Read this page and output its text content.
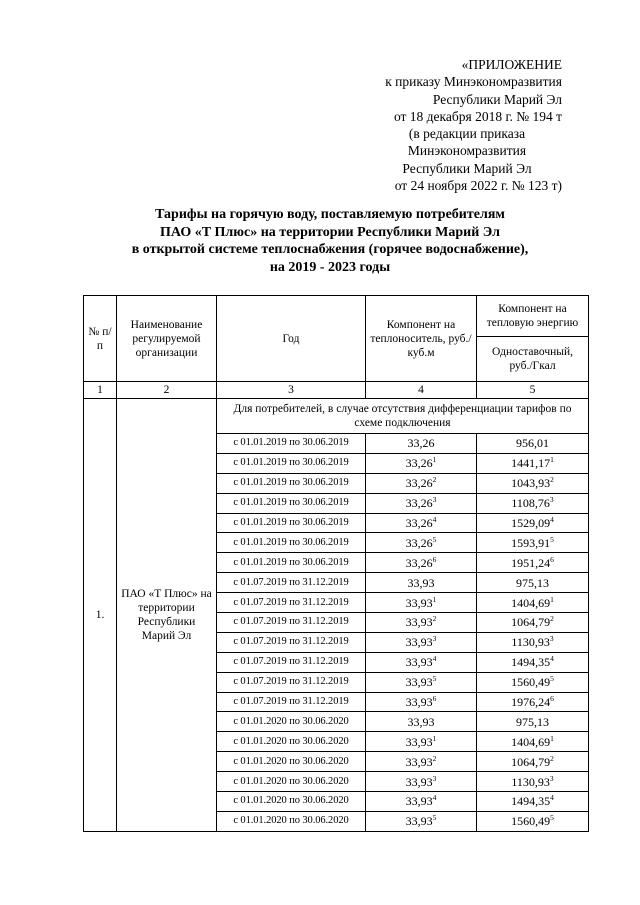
«ПРИЛОЖЕНИЕ
к приказу Минэкономразвития
Республики Марий Эл
от 18 декабря 2018 г. № 194 т
(в редакции приказа
Минэкономразвития
Республики Марий Эл
от 24 ноября 2022 г. № 123 т)
Тарифы на горячую воду, поставляемую потребителям
ПАО «Т Плюс» на территории Республики Марий Эл
в открытой системе теплоснабжения (горячее водоснабжение),
на 2019 - 2023 годы
№ п/п	Наименование регулируемой организации	Год	Компонент на теплоноситель, руб./куб.м	Компонент на тепловую энергию
				Одноставочный, руб./Гкал
1	2	3	4	5
1.	ПАО «Т Плюс» на территории Республики Марий Эл	Для потребителей, в случае отсутствия дифференциации тарифов по схеме подключения		
		с 01.01.2019 по 30.06.2019	33,26	956,01
		с 01.01.2019 по 30.06.2019	33,26$^1$	1441,17$^1$
		с 01.01.2019 по 30.06.2019	33,26$^2$	1043,93$^2$
		с 01.01.2019 по 30.06.2019	33,26$^3$	1108,76$^3$
		с 01.01.2019 по 30.06.2019	33,26$^4$	1529,09$^4$
		с 01.01.2019 по 30.06.2019	33,26$^5$	1593,91$^5$
		с 01.01.2019 по 30.06.2019	33,26$^6$	1951,24$^6$
		с 01.07.2019 по 31.12.2019	33,93	975,13
		с 01.07.2019 по 31.12.2019	33,93$^1$	1404,69$^1$
		с 01.07.2019 по 31.12.2019	33,93$^2$	1064,79$^2$
		с 01.07.2019 по 31.12.2019	33,93$^3$	1130,93$^3$
		с 01.07.2019 по 31.12.2019	33,93$^4$	1494,35$^4$
		с 01.07.2019 по 31.12.2019	33,93$^5$	1560,49$^5$
		с 01.07.2019 по 31.12.2019	33,93$^6$	1976,24$^6$
		с 01.01.2020 по 30.06.2020	33,93	975,13
		с 01.01.2020 по 30.06.2020	33,93$^1$	1404,69$^1$
		с 01.01.2020 по 30.06.2020	33,93$^2$	1064,79$^2$
		с 01.01.2020 по 30.06.2020	33,93$^3$	1130,93$^3$
		с 01.01.2020 по 30.06.2020	33,93$^4$	1494,35$^4$
		с 01.01.2020 по 30.06.2020	33,93$^5$	1560,49$^5$
